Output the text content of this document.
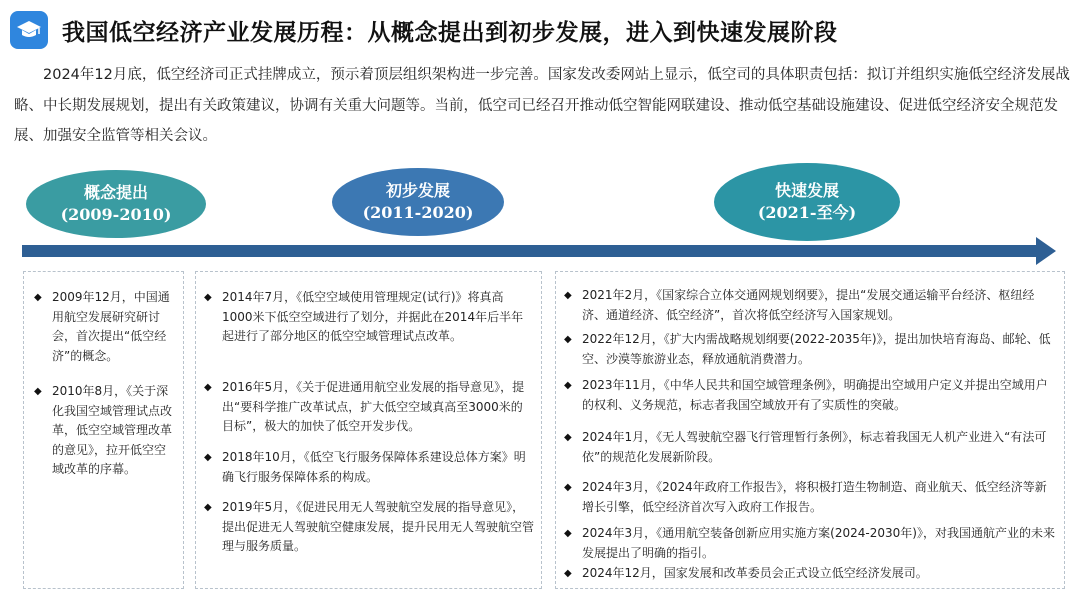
我国低空经济产业发展历程：从概念提出到初步发展，进入到快速发展阶段
2024年12月底，低空经济司正式挂牌成立，预示着顶层组织架构进一步完善。国家发改委网站上显示，低空司的具体职责包括：拟订并组织实施低空经济发展战略、中长期发展规划，提出有关政策建议，协调有关重大问题等。当前，低空司已经召开推动低空智能网联建设、推动低空基础设施建设、促进低空经济安全规范发展、加强安全监管等相关会议。
概念提出
(2009-2010)
初步发展
(2011-2020)
快速发展
(2021-至今)
◆ 2009年12月，中国通用航空发展研究研讨会，首次提出“低空经济”的概念。
◆ 2010年8月，《关于深化我国空域管理试点改革，低空空域管理改革的意见》，拉开低空空域改革的序幕。
◆ 2014年7月，《低空空域使用管理规定(试行)》将真高1000米下低空空域进行了划分，并据此在2014年后半年起进行了部分地区的低空空域管理试点改革。
◆ 2016年5月，《关于促进通用航空业发展的指导意见》，提出“要科学推广改革试点，扩大低空空域真高至3000米的目标”，极大的加快了低空开发步伐。
◆ 2018年10月，《低空飞行服务保障体系建设总体方案》明确飞行服务保障体系的构成。
◆ 2019年5月，《促进民用无人驾驶航空发展的指导意见》，提出促进无人驾驶航空健康发展，提升民用无人驾驶航空管理与服务质量。
◆ 2021年2月，《国家综合立体交通网规划纲要》，提出“发展交通运输平台经济、枢纽经济、通道经济、低空经济”，首次将低空经济写入国家规划。
◆ 2022年12月，《扩大内需战略规划纲要(2022-2035年)》，提出加快培育海岛、邮轮、低空、沙漠等旅游业态，释放通航消费潜力。
◆ 2023年11月，《中华人民共和国空域管理条例》，明确提出空域用户定义并提出空域用户的权利、义务规范，标志者我国空域放开有了实质性的突破。
◆ 2024年1月，《无人驾驶航空器飞行管理暂行条例》，标志着我国无人机产业进入“有法可依”的规范化发展新阶段。
◆ 2024年3月，《2024年政府工作报告》，将积极打造生物制造、商业航天、低空经济等新增长引擎，低空经济首次写入政府工作报告。
◆ 2024年3月，《通用航空装备创新应用实施方案(2024-2030年)》，对我国通航产业的未来发展提出了明确的指引。
◆ 2024年12月，国家发展和改革委员会正式设立低空经济发展司。
